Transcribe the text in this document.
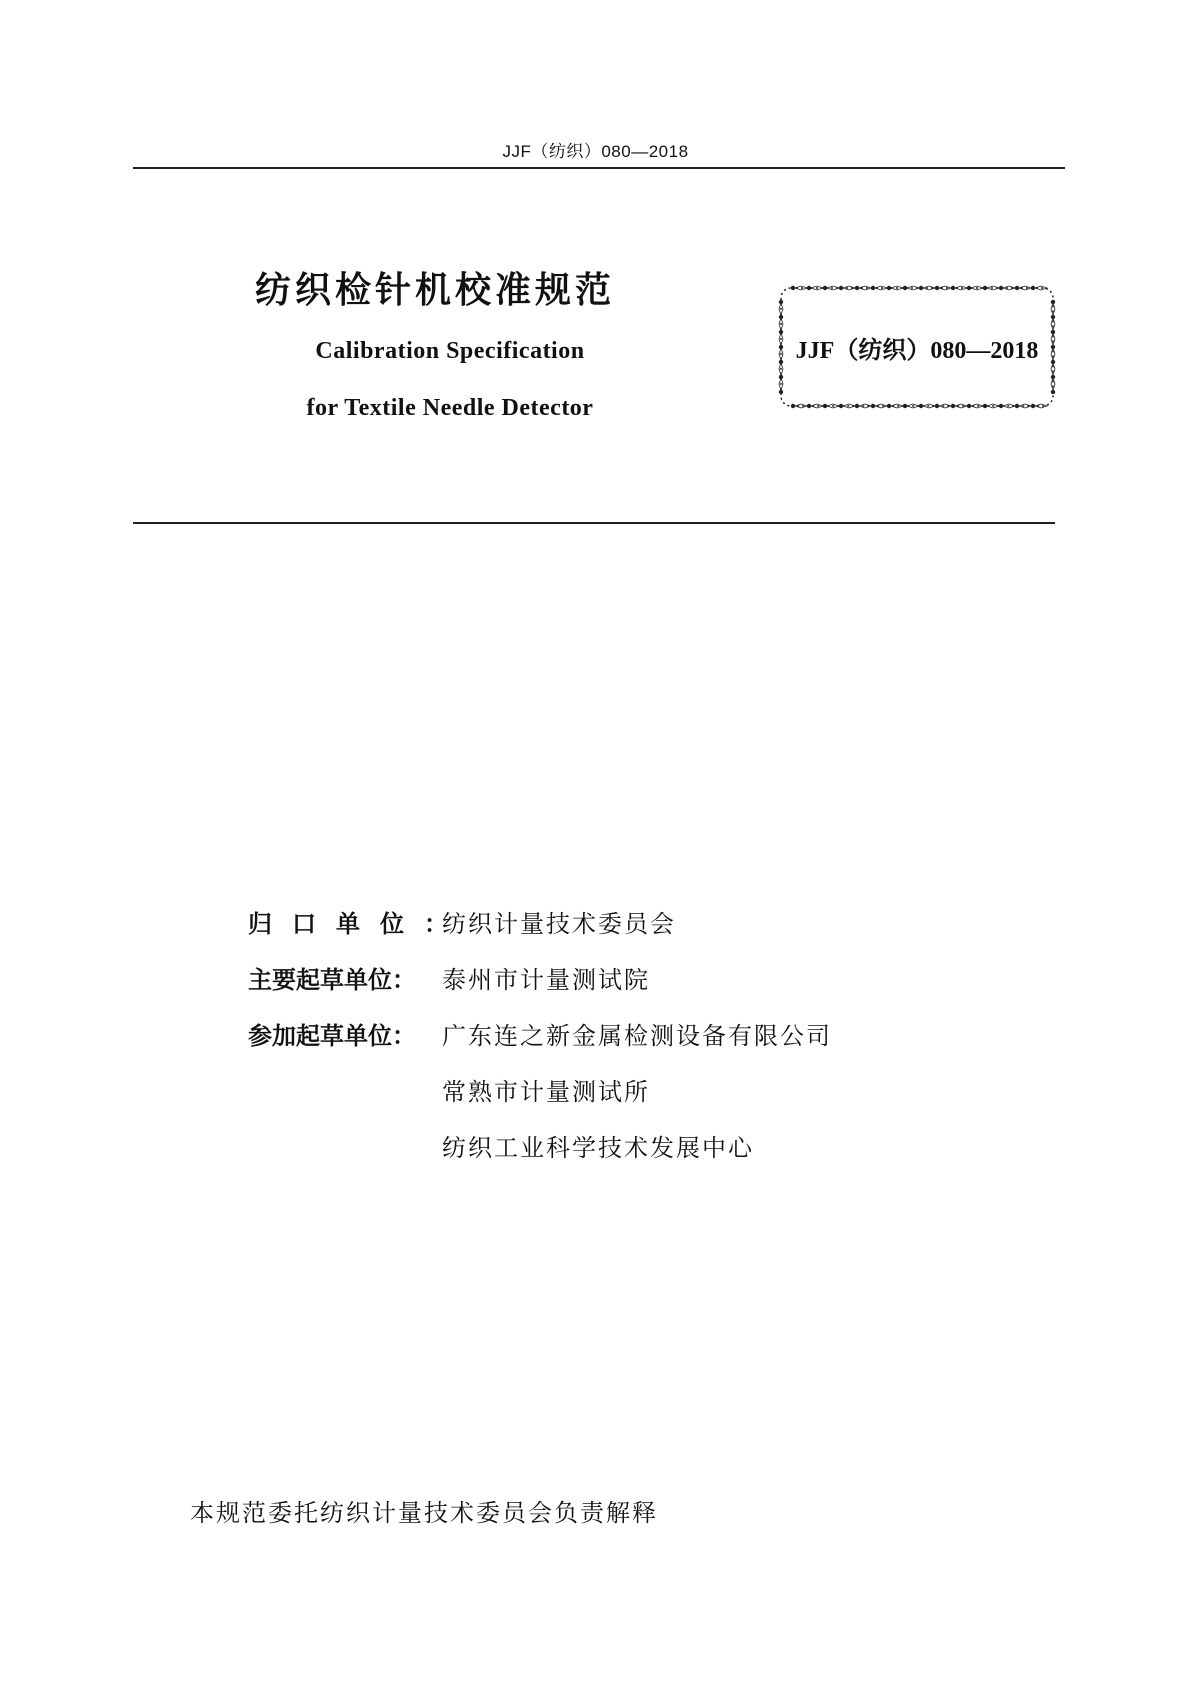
JJF（纺织）080—2018
纺织检针机校准规范
Calibration Specification
for Textile Needle Detector
JJF（纺织）080—2018
归口单位：纺织计量技术委员会
主要起草单位： 泰州市计量测试院
参加起草单位： 广东连之新金属检测设备有限公司
常熟市计量测试所
纺织工业科学技术发展中心
本规范委托纺织计量技术委员会负责解释
